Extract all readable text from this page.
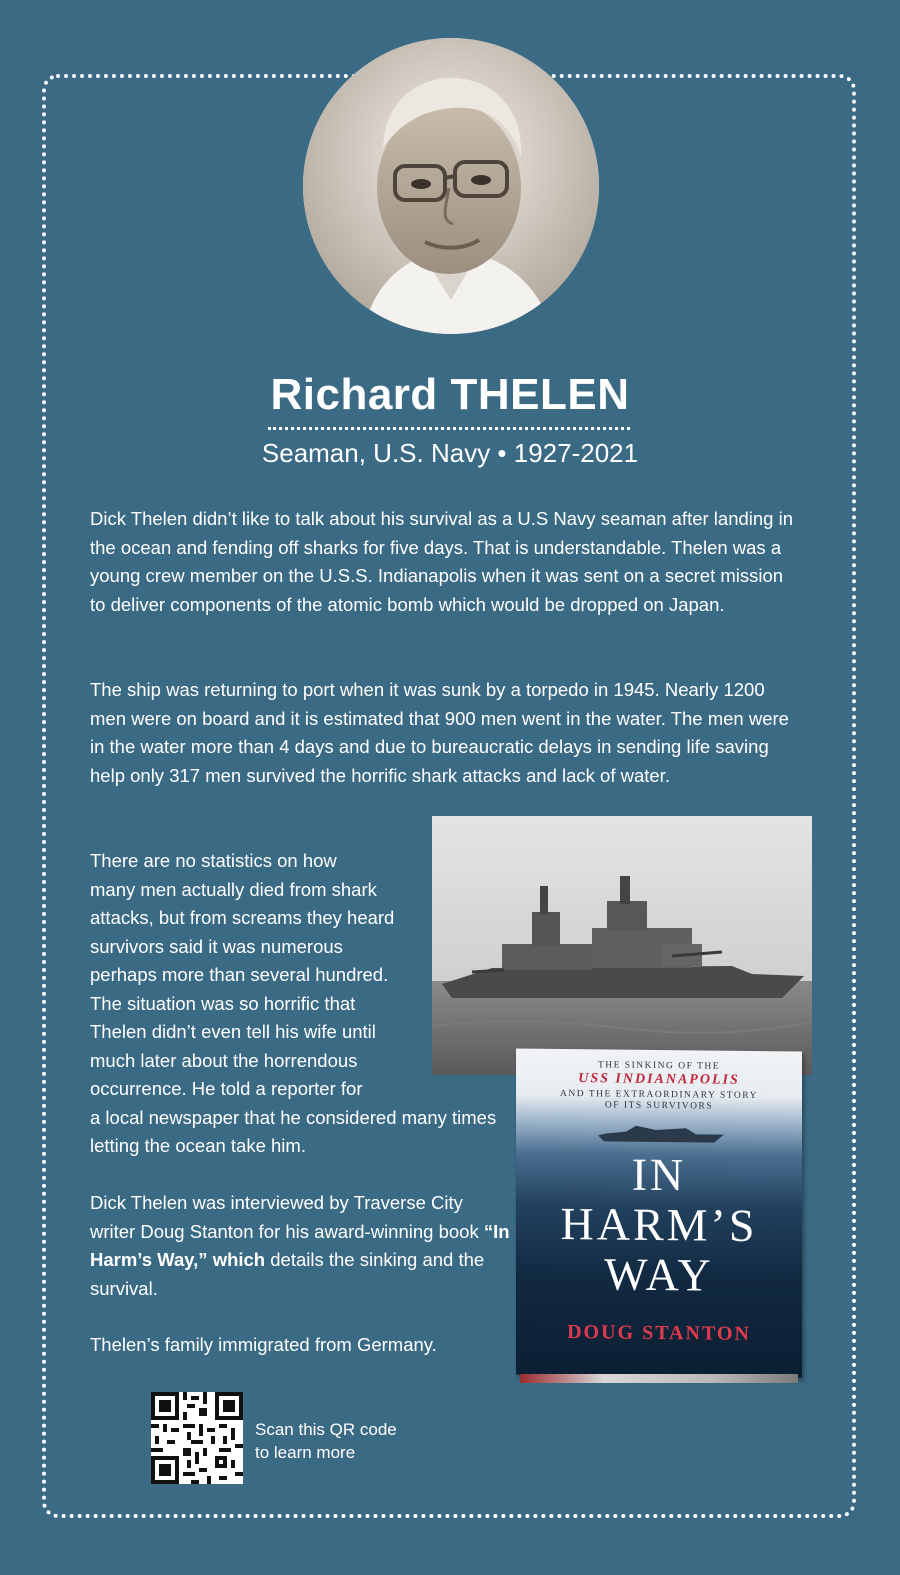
Richard THELEN
Seaman, U.S. Navy • 1927-2021

Dick Thelen didn’t like to talk about his survival as a U.S Navy seaman after landing in the ocean and fending off sharks for five days. That is understandable. Thelen was a young crew member on the U.S.S. Indianapolis when it was sent on a secret mission to deliver components of the atomic bomb which would be dropped on Japan.

The ship was returning to port when it was sunk by a torpedo in 1945. Nearly 1200 men were on board and it is estimated that 900 men went in the water. The men were in the water more than 4 days and due to bureaucratic delays in sending life saving help only 317 men survived the horrific shark attacks and lack of water.

There are no statistics on how
many men actually died from shark
attacks, but from screams they heard
survivors said it was numerous
perhaps more than several hundred.
The situation was so horrific that
Thelen didn’t even tell his wife until
much later about the horrendous
occurrence. He told a reporter for
a local newspaper that he considered many times
letting the ocean take him.

Dick Thelen was interviewed by Traverse City writer Doug Stanton for his award-winning book “In Harm’s Way,” which details the sinking and the survival.

Thelen’s family immigrated from Germany.

THE SINKING OF THE
USS INDIANAPOLIS
AND THE EXTRAORDINARY STORY
OF ITS SURVIVORS
IN
HARM’S
WAY
DOUG STANTON
Scan this QR code
to learn more
